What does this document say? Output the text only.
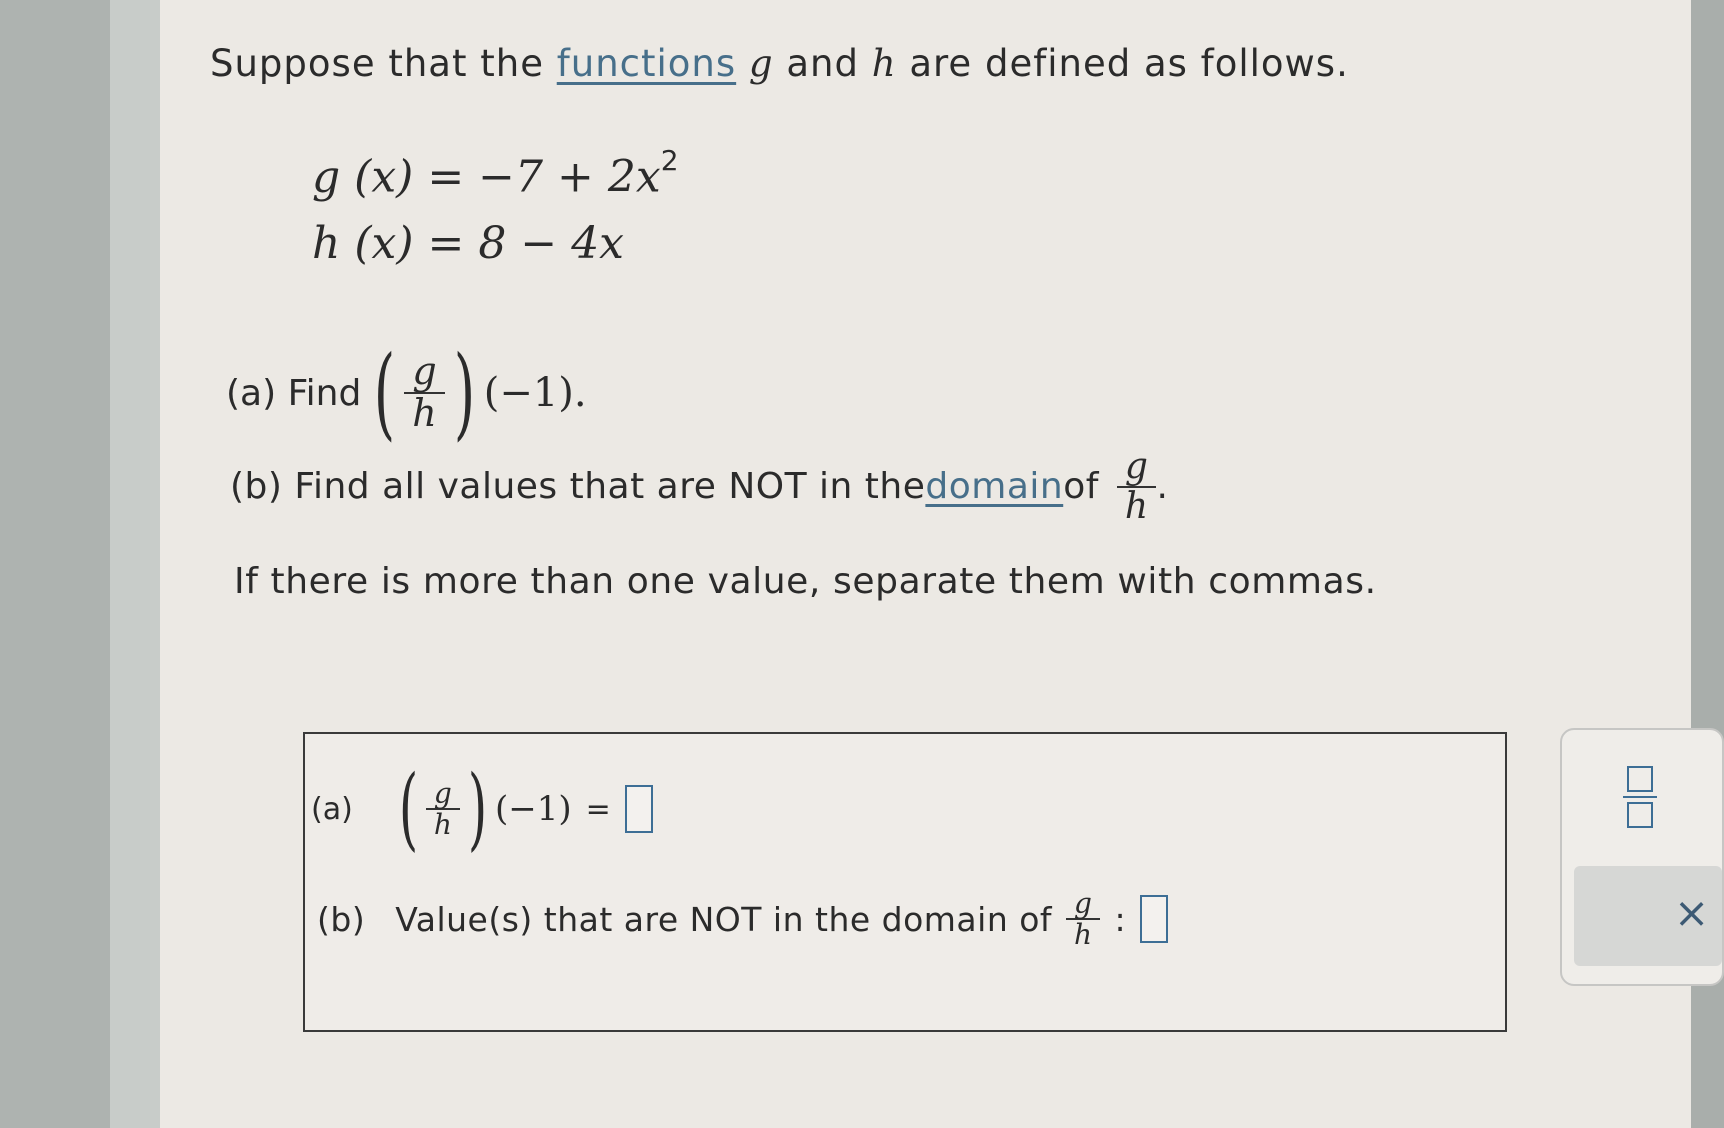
Suppose that the functions g and h are defined as follows.
g $(x) = -7 + 2x^2$
h (x) = 8 − 4x
(a) Find ( $\frac{g}{h}$ ) (−1).
(b) Find all values that are NOT in the domain of $\frac{g}{h}$ .
If there is more than one value, separate them with commas.
(a) ( $\frac{g}{h}$ ) (−1) =
(b) Value(s) that are NOT in the domain of $\frac{g}{h}$ :	×
